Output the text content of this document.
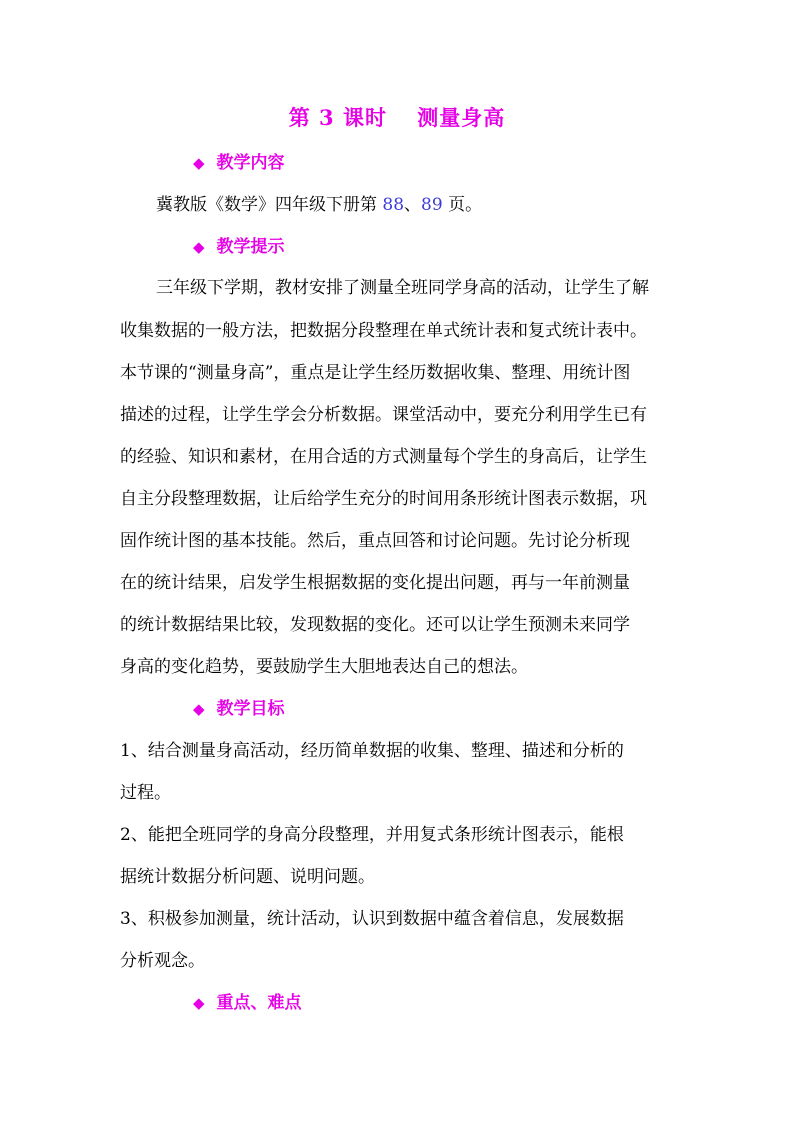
第 3 课时　 测量身高
◆ 教学内容
冀教版《数学》四年级下册第 88、89 页。
◆ 教学提示
三年级下学期，教材安排了测量全班同学身高的活动，让学生了解
收集数据的一般方法，把数据分段整理在单式统计表和复式统计表中。
本节课的“测量身高”，重点是让学生经历数据收集、整理、用统计图
描述的过程，让学生学会分析数据。课堂活动中，要充分利用学生已有
的经验、知识和素材，在用合适的方式测量每个学生的身高后，让学生
自主分段整理数据，让后给学生充分的时间用条形统计图表示数据，巩
固作统计图的基本技能。然后，重点回答和讨论问题。先讨论分析现
在的统计结果，启发学生根据数据的变化提出问题，再与一年前测量
的统计数据结果比较，发现数据的变化。还可以让学生预测未来同学
身高的变化趋势，要鼓励学生大胆地表达自己的想法。
◆ 教学目标
1、结合测量身高活动，经历简单数据的收集、整理、描述和分析的
过程。
2、能把全班同学的身高分段整理，并用复式条形统计图表示，能根
据统计数据分析问题、说明问题。
3、积极参加测量，统计活动，认识到数据中蕴含着信息，发展数据
分析观念。
◆ 重点、难点
